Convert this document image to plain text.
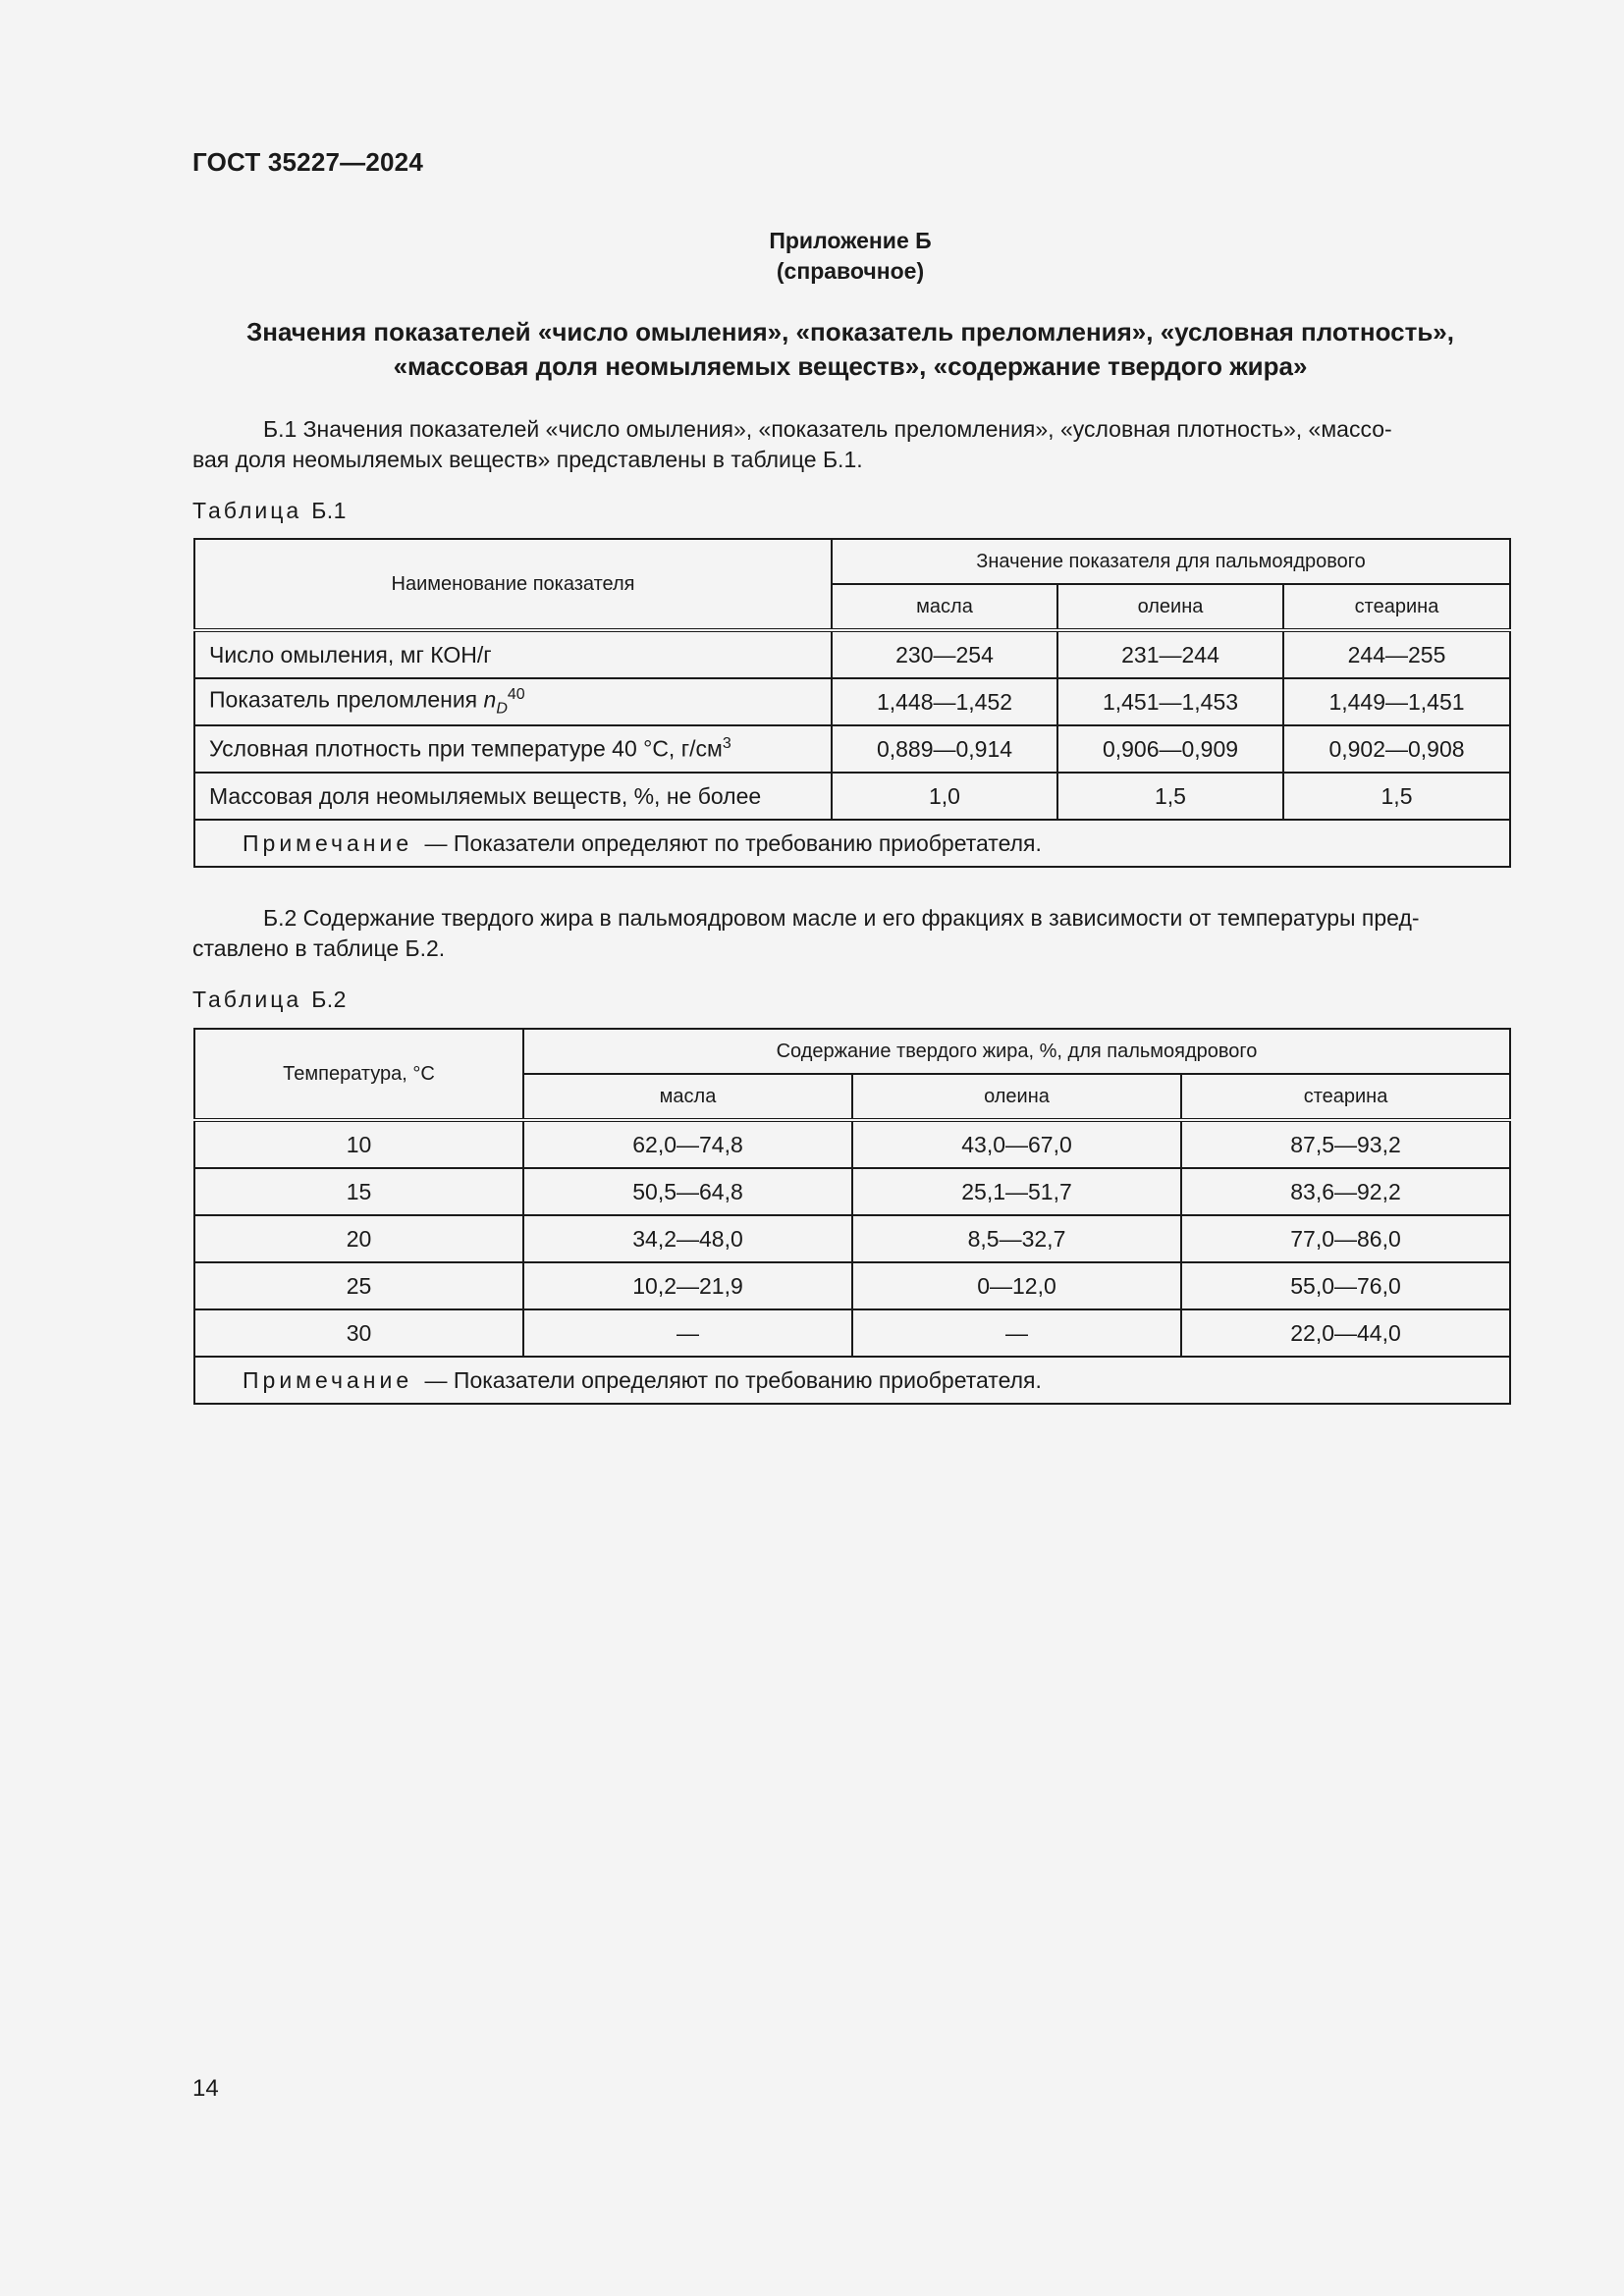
ГОСТ 35227—2024
Приложение Б
(справочное)
Значения показателей «число омыления», «показатель преломления», «условная плотность»,
«массовая доля неомыляемых веществ», «содержание твердого жира»
Б.1 Значения показателей «число омыления», «показатель преломления», «условная плотность», «массо-
вая доля неомыляемых веществ» представлены в таблице Б.1.
Таблица Б.1
Наименование показателя	Значение показателя для пальмоядрового		
	масла	олеина	стеарина
Число омыления, мг КОН/г	230—254	231—244	244—255
Показатель преломления $n_D^{40}$	1,448—1,452	1,451—1,453	1,449—1,451
Условная плотность при температуре 40 °С, $г/см^3$	0,889—0,914	0,906—0,909	0,902—0,908
Массовая доля неомыляемых веществ, %, не более	1,0	1,5	1,5
Примечание — Показатели определяют по требованию приобретателя.			
Б.2 Содержание твердого жира в пальмоядровом масле и его фракциях в зависимости от температуры пред-
ставлено в таблице Б.2.
Таблица Б.2
Температура, °С	Содержание твердого жира, %, для пальмоядрового		
	масла	олеина	стеарина
10	62,0—74,8	43,0—67,0	87,5—93,2
15	50,5—64,8	25,1—51,7	83,6—92,2
20	34,2—48,0	8,5—32,7	77,0—86,0
25	10,2—21,9	0—12,0	55,0—76,0
30	—	—	22,0—44,0
Примечание — Показатели определяют по требованию приобретателя.			
14
